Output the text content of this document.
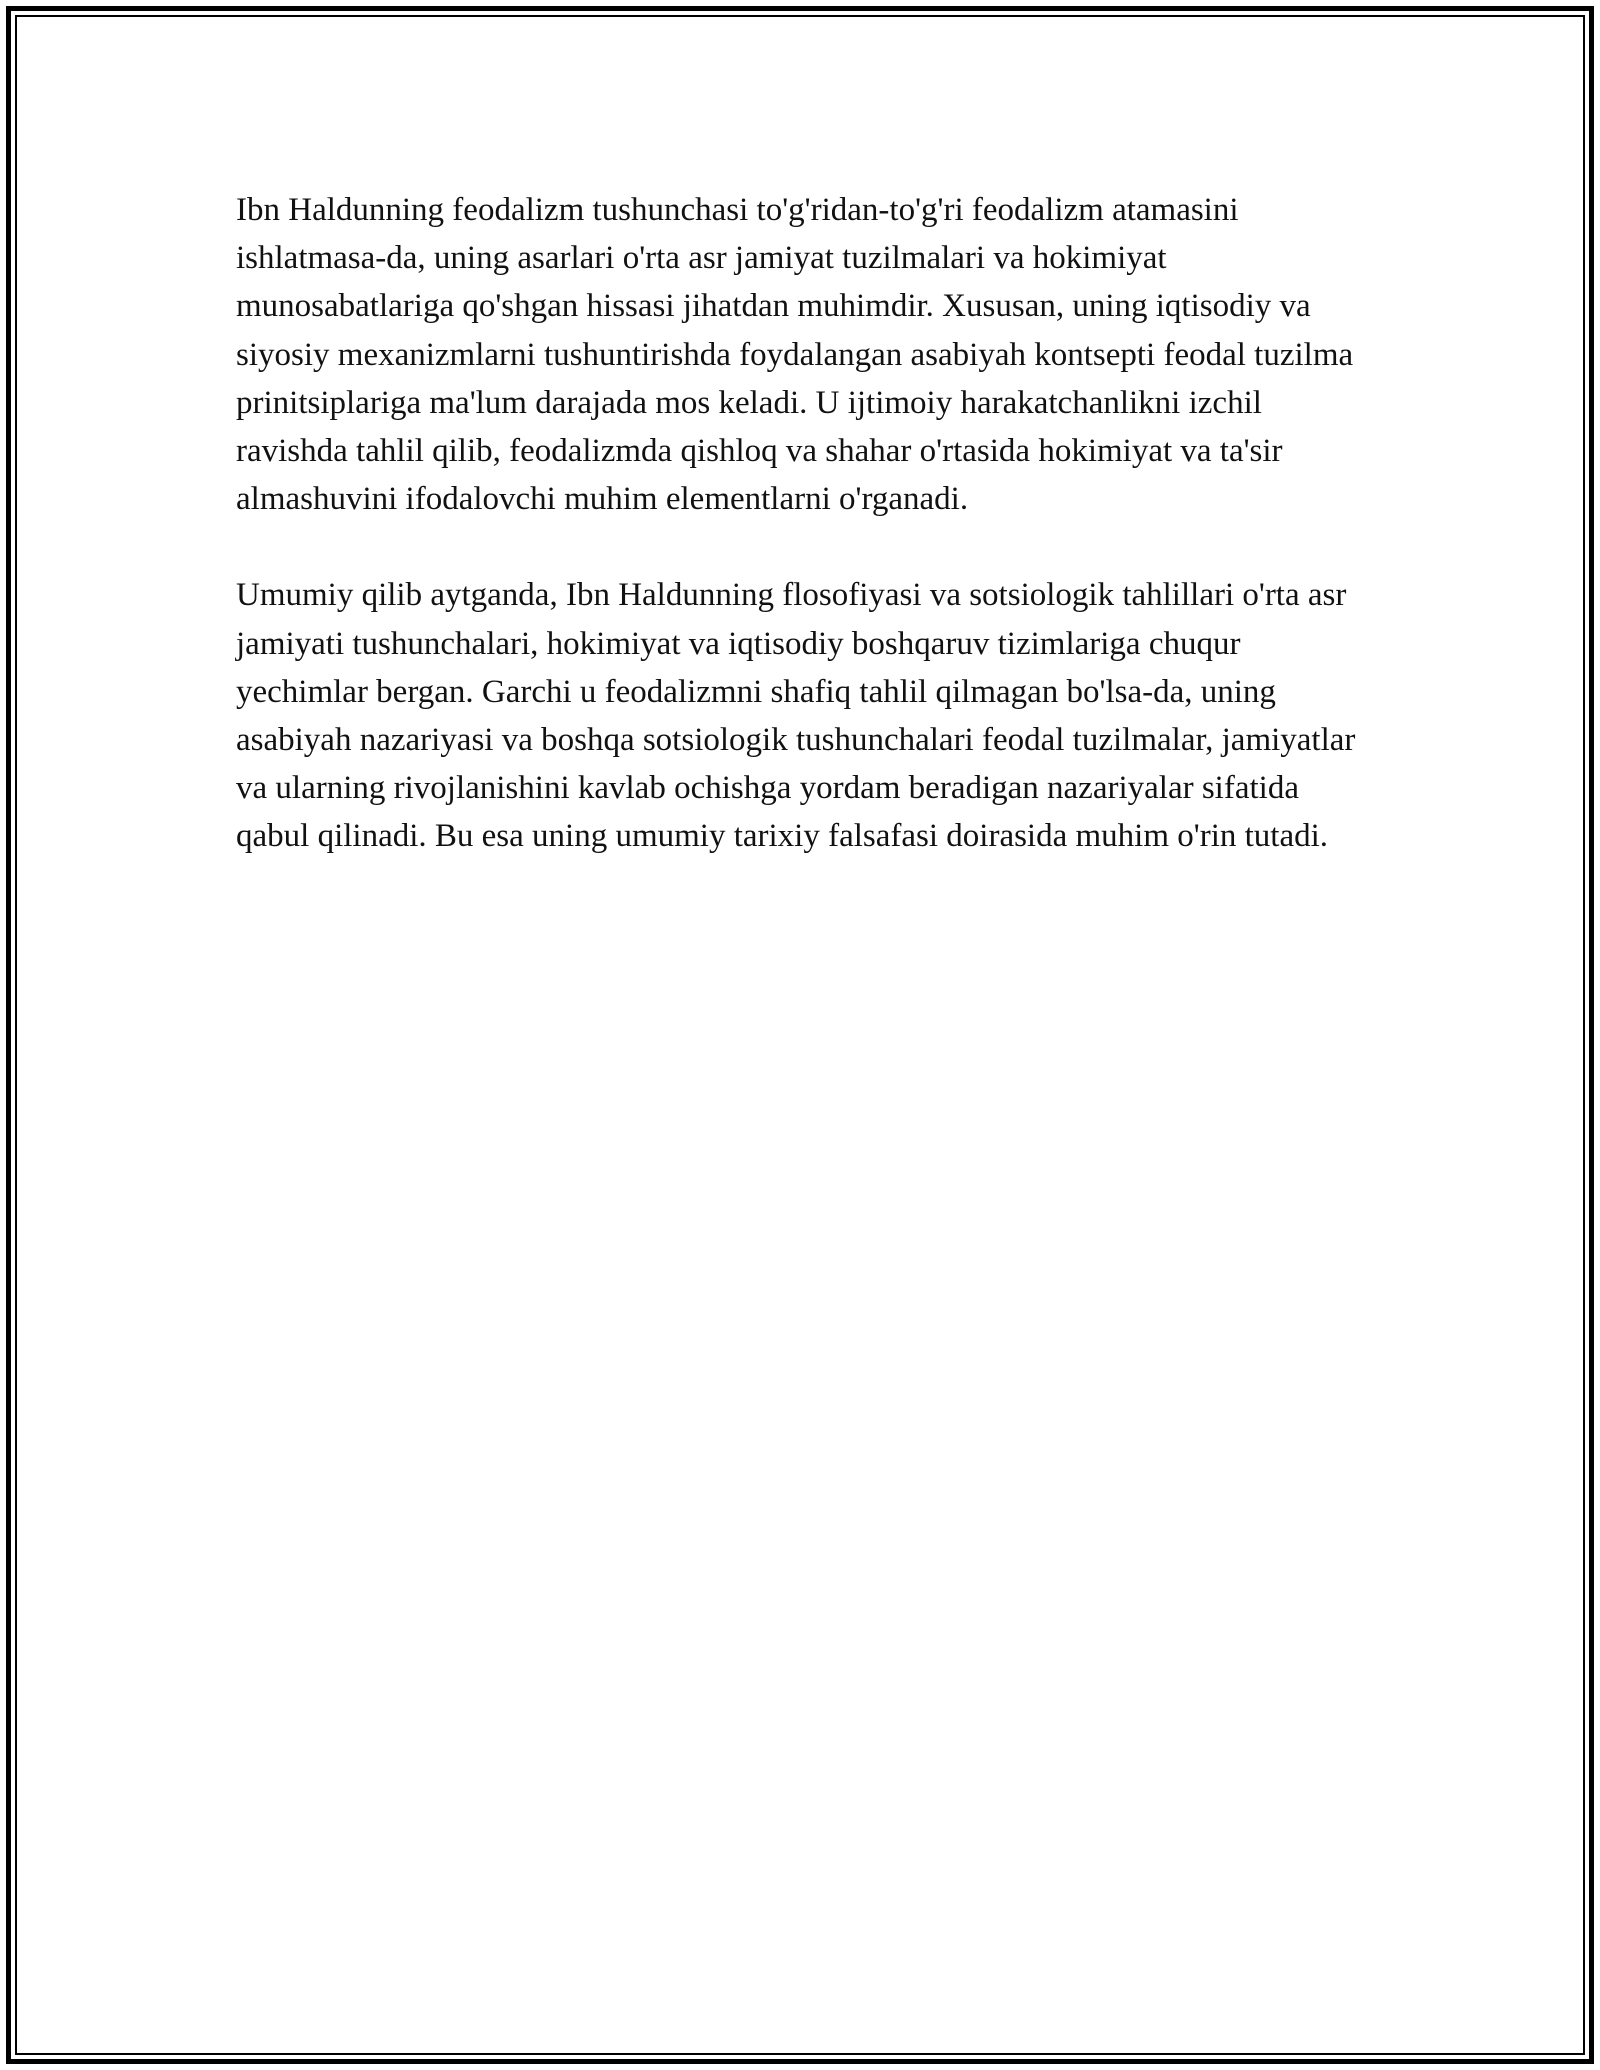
Ibn Haldunning feodalizm tushunchasi to'g'ridan-to'g'ri feodalizm atamasini ishlatmasa-da, uning asarlari o'rta asr jamiyat tuzilmalari va hokimiyat munosabatlariga qo'shgan hissasi jihatdan muhimdir. Xususan, uning iqtisodiy va siyosiy mexanizmlarni tushuntirishda foydalangan asabiyah kontsepti feodal tuzilma prinitsiplariga ma'lum darajada mos keladi. U ijtimoiy harakatchanlikni izchil ravishda tahlil qilib, feodalizmda qishloq va shahar o'rtasida hokimiyat va ta'sir almashuvini ifodalovchi muhim elementlarni o'rganadi.

Umumiy qilib aytganda, Ibn Haldunning flosofiyasi va sotsiologik tahlillari o'rta asr jamiyati tushunchalari, hokimiyat va iqtisodiy boshqaruv tizimlariga chuqur yechimlar bergan. Garchi u feodalizmni shafiq tahlil qilmagan bo'lsa-da, uning asabiyah nazariyasi va boshqa sotsiologik tushunchalari feodal tuzilmalar, jamiyatlar va ularning rivojlanishini kavlab ochishga yordam beradigan nazariyalar sifatida qabul qilinadi. Bu esa uning umumiy tarixiy falsafasi doirasida muhim o'rin tutadi.
